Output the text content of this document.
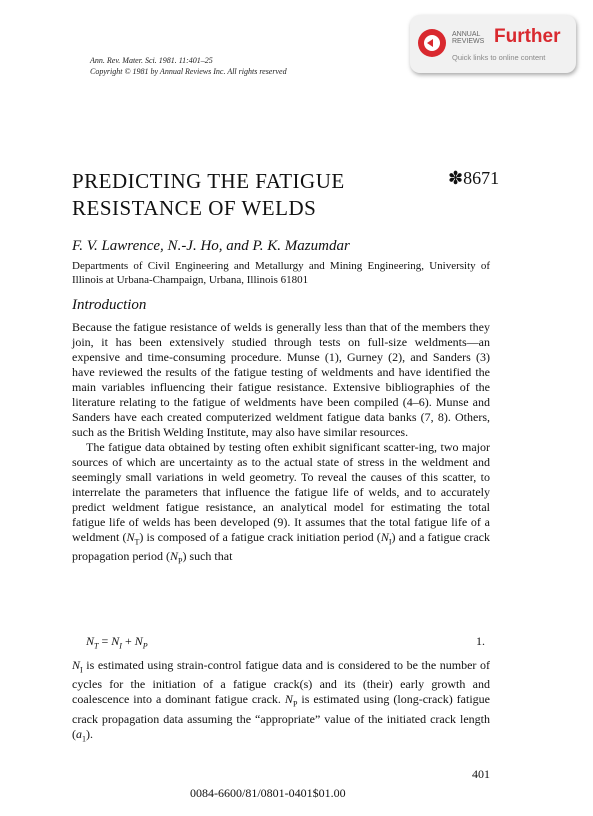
Ann. Rev. Mater. Sci. 1981. 11:401–25
Copyright © 1981 by Annual Reviews Inc. All rights reserved
ANNUAL
REVIEWS Further
Quick links to online content
PREDICTING THE FATIGUE
RESISTANCE OF WELDS
✽8671
F. V. Lawrence, N.-J. Ho, and P. K. Mazumdar
Departments of Civil Engineering and Metallurgy and Mining Engineering, University of Illinois at Urbana-Champaign, Urbana, Illinois 61801
Introduction

Because the fatigue resistance of welds is generally less than that of the members they join, it has been extensively studied through tests on full-size weldments—an expensive and time-consuming procedure. Munse (1), Gurney (2), and Sanders (3) have reviewed the results of the fatigue testing of weldments and have identified the main variables influencing their fatigue resistance. Extensive bibliographies of the literature relating to the fatigue of weldments have been compiled (4–6). Munse and Sanders have each created computerized weldment fatigue data banks (7, 8). Others, such as the British Welding Institute, may also have similar resources.

The fatigue data obtained by testing often exhibit significant scatter-ing, two major sources of which are uncertainty as to the actual state of stress in the weldment and seemingly small variations in weld geometry. To reveal the causes of this scatter, to interrelate the parameters that influence the fatigue life of welds, and to accurately predict weldment fatigue resistance, an analytical model for estimating the total fatigue life of welds has been developed (9). It assumes that the total fatigue life of a weldment $(N_T)$ is composed of a fatigue crack initiation period $(N_I)$ and a fatigue crack propagation period $(N_P)$ such that

$N_T = N_I + N_P$	1.

$N_I$ is estimated using strain-control fatigue data and is considered to be the number of cycles for the initiation of a fatigue crack(s) and its (their) early growth and coalescence into a dominant fatigue crack. $N_P$ is estimated using (long-crack) fatigue crack propagation data assuming the “appropriate” value of the initiated crack length $(a_1)$.

401
0084-6600/81/0801-0401$01.00
